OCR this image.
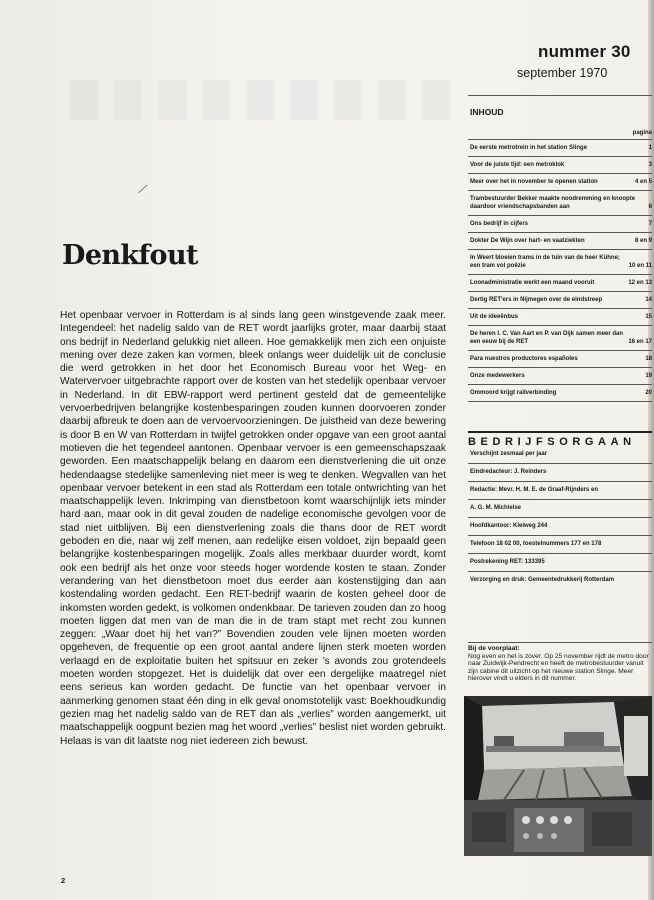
nummer 30
september 1970
INHOUD
pagina
De eerste metrotrein in het station Slinge	1
Voor de juiste tijd: een metroklok	3
Meer over het in november te openen station	4 en 5
Trambestuurder Bekker maakte noodremming en knoopte daardoor vriendschapsbanden aan	6
Ons bedrijf in cijfers	7
Dokter De Wijn over hart- en vaatziekten	8 en 9
In Weert bloeien trams in de tuin van de heer Kühne; een tram vol poëzie	10 en 11
Loonadministratie werkt een maand vooruit	12 en 13
Dertig RET'ers in Nijmegen over de eindstreep	14
Uit de ideeënbus	15
De heren I. C. Van Aart en P. van Dijk samen meer dan een eeuw bij de RET	16 en 17
Para nuestros productores españoles	18
Onze medewerkers	19
Ommoord krijgt railverbinding	20
BEDRIJFSORGAAN
Verschijnt zesmaal per jaar
Eindredacteur: J. Reinders
Redactie: Mevr. H. M. E. de Graaf-Rijnders en
A. G. M. Michielse
Hoofdkantoor: Kleiweg 244
Telefoon 18 02 00, toestelnummers 177 en 178
Postrekening RET: 133395
Verzorging en druk: Gemeentedrukkerij Rotterdam
Bij de voorplaat:
Nog even en het is zover. Op 25 november rijdt de metro door naar Zuidwijk-Pendrecht en heeft de metrobestuurder vanuit zijn cabine dit uitzicht op het nieuwe station Slinge. Meer hierover vindt u elders in dit nummer.
╱
Denkfout

Het openbaar vervoer in Rotterdam is al sinds lang geen winstgevende zaak meer. Integendeel: het nadelig saldo van de RET wordt jaarlijks groter, maar daarbij staat ons bedrijf in Nederland gelukkig niet alleen. Hoe gemakkelijk men zich een onjuiste mening over deze zaken kan vormen, bleek onlangs weer duidelijk uit de conclusie die werd getrokken in het door het Economisch Bureau voor het Weg- en Watervervoer uitgebrachte rapport over de kosten van het stedelijk openbaar vervoer in Nederland. In dit EBW-rapport werd pertinent gesteld dat de gemeentelijke vervoerbedrijven belangrijke kostenbesparingen zouden kunnen doorvoeren zonder daarbij afbreuk te doen aan de vervoervoorzieningen. De juistheid van deze bewering is door B en W van Rotterdam in twijfel getrokken onder opgave van een groot aantal motieven die het tegendeel aantonen. Openbaar vervoer is een gemeenschapszaak geworden. Een maatschappelijk belang en daarom een dienstverlening die uit onze hedendaagse stedelijke samenleving niet meer is weg te denken. Wegvallen van het openbaar vervoer betekent in een stad als Rotterdam een totale ontwrichting van het maatschappelijk leven. Inkrimping van dienstbetoon komt waarschijnlijk iets minder hard aan, maar ook in dit geval zouden de nadelige economische gevolgen voor de stad niet uitblijven. Bij een dienstverlening zoals die thans door de RET wordt geboden en die, naar wij zelf menen, aan redelijke eisen voldoet, zijn bepaald geen belangrijke kostenbesparingen mogelijk. Zoals alles merkbaar duurder wordt, komt ook een bedrijf als het onze voor steeds hoger wordende kosten te staan. Zonder verandering van het dienstbetoon moet dus eerder aan kostenstijging dan aan kostendaling worden gedacht. Een RET-bedrijf waarin de kosten geheel door de inkomsten worden gedekt, is volkomen ondenkbaar. De tarieven zouden dan zo hoog moeten liggen dat men van de man die in de tram stapt met recht zou kunnen zeggen: „Waar doet hij het van?” Bovendien zouden vele lijnen moeten worden opgeheven, de frequentie op een groot aantal andere lijnen sterk moeten worden verlaagd en de exploitatie buiten het spitsuur en zeker ’s avonds zou grotendeels moeten worden stopgezet. Het is duidelijk dat over een dergelijke maatregel niet eens serieus kan worden gedacht. De functie van het openbaar vervoer in aanmerking genomen staat één ding in elk geval onomstotelijk vast: Boekhoudkundig gezien mag het nadelig saldo van de RET dan als „verlies” worden aangemerkt, uit maatschappelijk oogpunt bezien mag het woord „verlies” beslist niet worden gebruikt. Helaas is van dit laatste nog niet iedereen zich bewust.

2
